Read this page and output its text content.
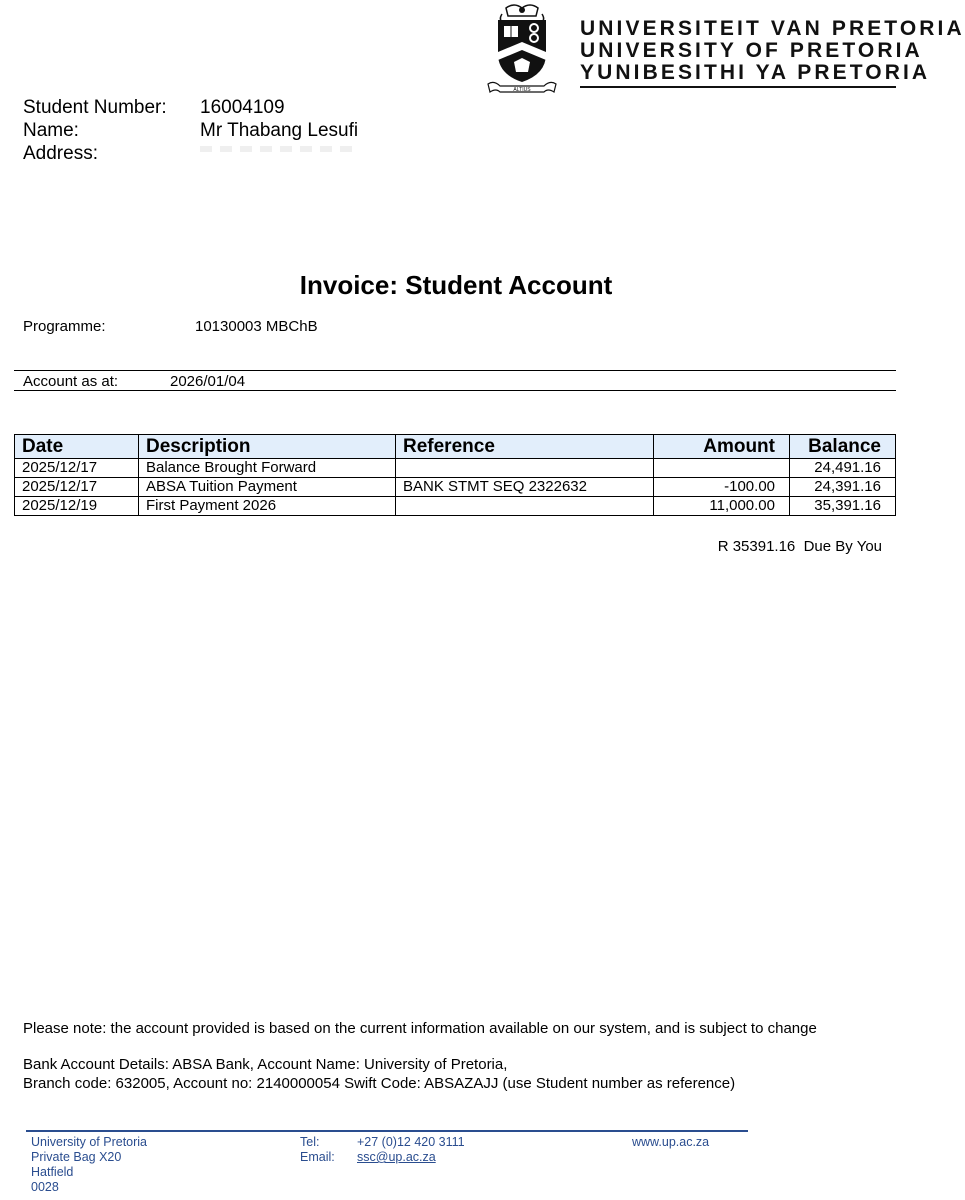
ALTIUS
UNIVERSITEIT VAN PRETORIA
UNIVERSITY OF PRETORIA
YUNIBESITHI YA PRETORIA
Student Number: 16004109
Name:	Mr Thabang Lesufi
Address:
Invoice: Student Account
Programme:	10130003 MBChB
Account as at:	2026/01/04
Date	Description	Reference	Amount	Balance
2025/12/17	Balance Brought Forward			24,491.16
2025/12/17	ABSA Tuition Payment	BANK STMT SEQ 2322632	-100.00	24,391.16
2025/12/19	First Payment 2026		11,000.00	35,391.16
R 35391.16  Due By You
Please note: the account provided is based on the current information available on our system, and is subject to change
Bank Account Details: ABSA Bank, Account Name: University of Pretoria,
Branch code: 632005, Account no: 2140000054 Swift Code: ABSAZAJJ (use Student number as reference)
University of Pretoria
Private Bag X20
Hatfield
0028
Tel:	+27 (0)12 420 3111
Email: ssc@up.ac.za
www.up.ac.za
